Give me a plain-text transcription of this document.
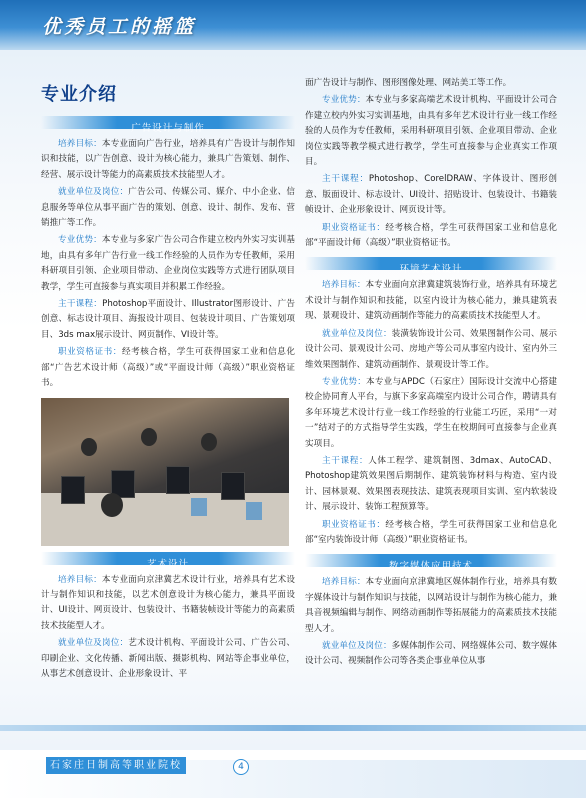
优秀员工的摇篮
专业介绍
广告设计与制作

培养目标：本专业面向广告行业，培养具有广告设计与制作知识和技能，以广告创意、设计为核心能力，兼具广告策划、制作、经营、展示设计等能力的高素质技术技能型人才。

就业单位及岗位：广告公司、传媒公司、媒介、中小企业、信息服务等单位从事平面广告的策划、创意、设计、制作、发布、营销推广等工作。

专业优势：本专业与多家广告公司合作建立校内外实习实训基地，由具有多年广告行业一线工作经验的人员作为专任教师，采用科研项目引领、企业项目带动、企业岗位实践等方式进行团队项目教学，学生可直接参与真实项目并积累工作经验。

主干课程：Photoshop平面设计、Illustrator图形设计、广告创意、标志设计项目、海报设计项目、包装设计项目、广告策划项目、3ds max展示设计、网页制作、VI设计等。

职业资格证书：经考核合格，学生可获得国家工业和信息化部“广告艺术设计师（高级）”或“平面设计师（高级）”职业资格证书。

艺术设计

培养目标：本专业面向京津冀艺术设计行业，培养具有艺术设计与制作知识和技能，以艺术创意设计为核心能力，兼具平面设计、UI设计、网页设计、包装设计、书籍装帧设计等能力的高素质技术技能型人才。

就业单位及岗位：艺术设计机构、平面设计公司、广告公司、印刷企业、文化传播、新闻出版、摄影机构、网站等企事业单位，从事艺术创意设计、企业形象设计、平

面广告设计与制作、图形图像处理、网站美工等工作。

专业优势：本专业与多家高端艺术设计机构、平面设计公司合作建立校内外实习实训基地，由具有多年艺术设计行业一线工作经验的人员作为专任教师，采用科研项目引领、企业项目带动、企业岗位实践等教学模式进行教学，学生可直接参与企业真实工作项目。

主干课程：Photoshop、CorelDRAW、字体设计、图形创意、版面设计、标志设计、UI设计、招贴设计、包装设计、书籍装帧设计、企业形象设计、网页设计等。

职业资格证书：经考核合格，学生可获得国家工业和信息化部“平面设计师（高级）”职业资格证书。

环境艺术设计

培养目标：本专业面向京津冀建筑装饰行业，培养具有环境艺术设计与制作知识和技能，以室内设计为核心能力，兼具建筑表现、景观设计、建筑动画制作等能力的高素质技术技能型人才。

就业单位及岗位：装潢装饰设计公司、效果图制作公司、展示设计公司、景观设计公司、房地产等公司从事室内设计、室内外三维效果图制作、建筑动画制作、景观设计等工作。

专业优势：本专业与APDC（石家庄）国际设计交流中心搭建校企协同育人平台，与旗下多家高端室内设计公司合作，聘请具有多年环境艺术设计行业一线工作经验的行业能工巧匠，采用“一对一”结对子的方式指导学生实践，学生在校期间可直接参与企业真实项目。

主干课程：人体工程学、建筑制图、3dmax、AutoCAD、Photoshop建筑效果图后期制作、建筑装饰材料与构造、室内设计、园林景观、效果图表现技法、建筑表现项目实训、室内软装设计、展示设计、装饰工程预算等。

职业资格证书：经考核合格，学生可获得国家工业和信息化部“室内装饰设计师（高级）”职业资格证书。

数字媒体应用技术

培养目标：本专业面向京津冀地区媒体制作行业，培养具有数字媒体设计与制作知识与技能，以网站设计与制作为核心能力，兼具音视频编辑与制作、网络动画制作等拓展能力的高素质技术技能型人才。

就业单位及岗位：多媒体制作公司、网络媒体公司、数字媒体设计公司、视频制作公司等各类企事业单位从事

石家庄日制高等职业院校	4
